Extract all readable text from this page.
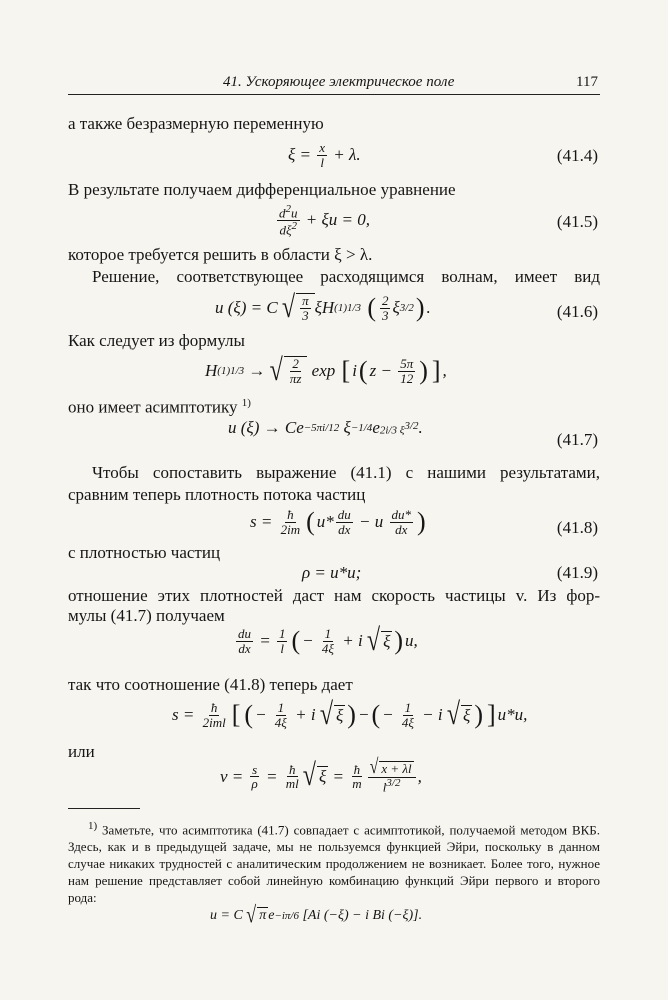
41. Ускоряющее электрическое поле	117
а также безразмерную переменную
$\xi = \frac{x}{l} + \lambda$.	(41.4)
В результате получаем дифференциальное уравнение
$\frac{d^2u}{d\xi^2} + \xi u = 0$,	(41.5)
которое требуется решить в области ξ > λ.
Решение, соответствующее расходящимся волнам, имеет вид
u (ξ) = C √ $\frac{\pi}{3}$ ξH (1) 1/3
( $\frac{2}{3}$ ξ 3/2 ) .	(41.6)
Как следует из формулы
H (1) 1/3 → √ $\frac{2}{\pi z}$ exp [ i ( $z - \frac{5\pi}{12}$ ) ] ,
оно имеет асимптотику $^{1)}$
u (ξ) → Ce −5πi/12 ξ −1/4 e 2i/3 $\xi^{3/2}$ .
(41.7)
Чтобы сопоставить выражение (41.1) с нашими результатами,
сравним теперь плотность потока частиц
$s = \frac{ħ}{2im}$ ( $u* \frac{du}{dx} - u \frac{du*}{dx}$ )	(41.8)
с плотностью частиц
ρ = u*u;	(41.9)
отношение этих плотностей даст нам скорость частицы v. Из фор-
мулы (41.7) получаем
$\frac{du}{dx} = \frac{1}{l}$ ( − $\frac{1}{4\xi} + i$ √ ξ ) u,
так что соотношение (41.8) теперь дает
$s = \frac{ħ}{\text{2iml}}$ [ ( − $\frac{1}{4\xi} + i$ √ ξ ) − ( − $\frac{1}{4\xi} - i$ √ ξ ) ] u*u,
или
$v = \frac{s}{\rho} = \frac{ħ}{ml}$ √ $\xi = \frac{ħ}{m} \frac{√ x + \lambda l}{l^{3/2}}$ ,

$^{1)}$ Заметьте, что асимптотика (41.7) совпадает с асимптотикой, получаемой методом ВКБ. Здесь, как и в предыдущей задаче, мы не пользуемся функцией Эйри, поскольку в данном случае никаких трудностей с аналитическим продолжением не возникает. Более того, нужное нам решение представляет собой линейную комбинацию функций Эйри первого и второго рода:

u = C √ π e −iπ/6 [Ai (−ξ) − i Bi (−ξ)].
